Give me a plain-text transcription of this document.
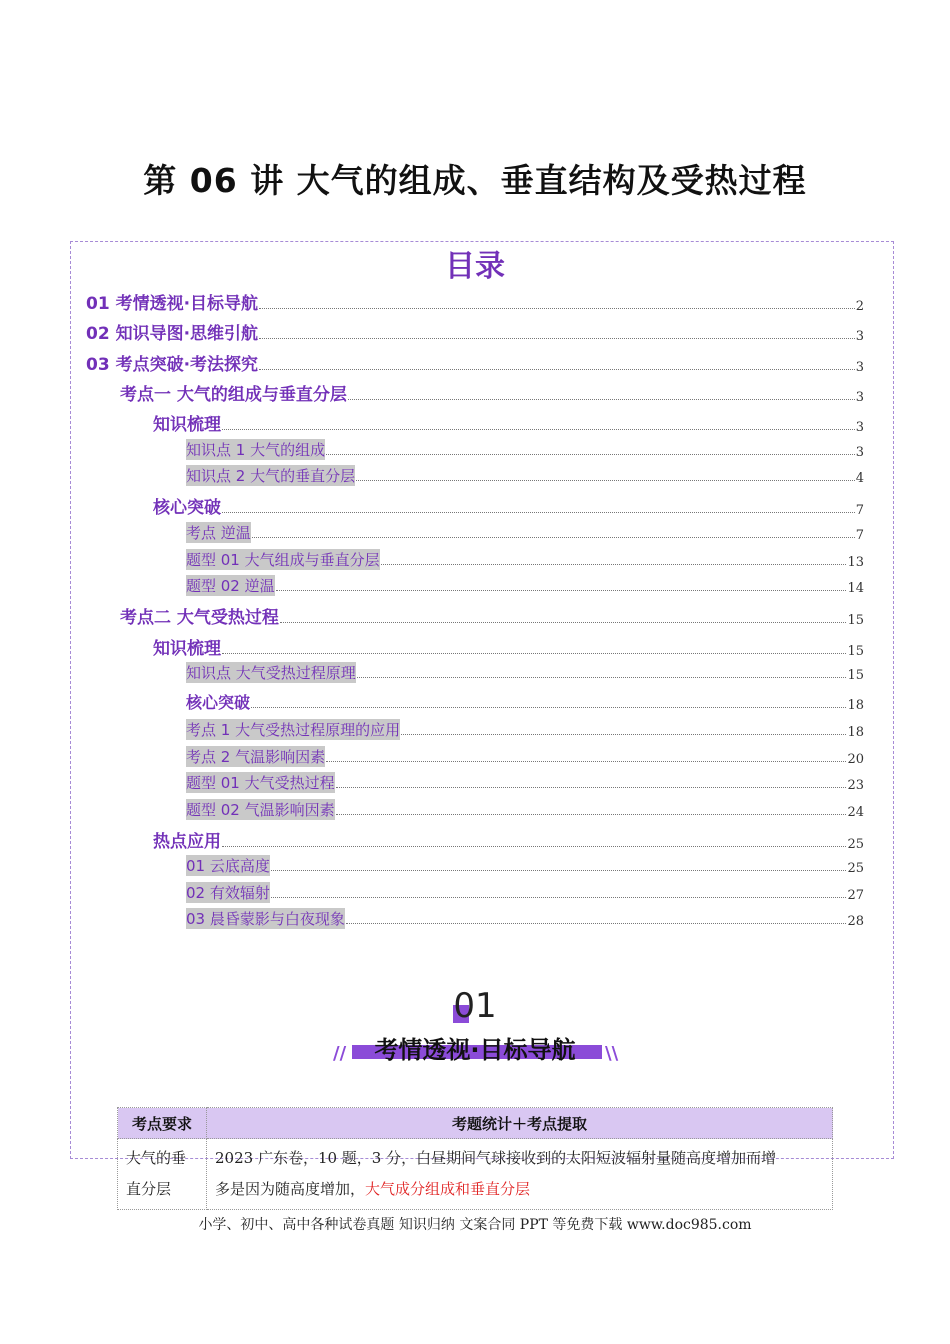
第 06 讲 大气的组成、垂直结构及受热过程
目录
01 考情透视·目标导航	2
02 知识导图·思维引航	3
03 考点突破·考法探究	3
考点一 大气的组成与垂直分层	3
知识梳理	3
知识点 1 大气的组成	3
知识点 2 大气的垂直分层	4
核心突破	7
考点 逆温	7
题型 01 大气组成与垂直分层	13
题型 02 逆温	14
考点二 大气受热过程	15
知识梳理	15
知识点 大气受热过程原理	15
核心突破	18
考点 1 大气受热过程原理的应用	18
考点 2 气温影响因素	20
题型 01 大气受热过程	23
题型 02 气温影响因素	24
热点应用	25
01 云底高度	25
02 有效辐射	27
03 晨昏蒙影与白夜现象	28
01
//	考情透视·目标导航	\\
考点要求	考题统计＋考点提取
大气的垂直分层	2023 广东卷，10 题，3 分，白昼期间气球接收到的太阳短波辐射量随高度增加而增
多是因为随高度增加，大气成分组成和垂直分层
小学、初中、高中各种试卷真题 知识归纳 文案合同 PPT 等免费下载 www.doc985.com
